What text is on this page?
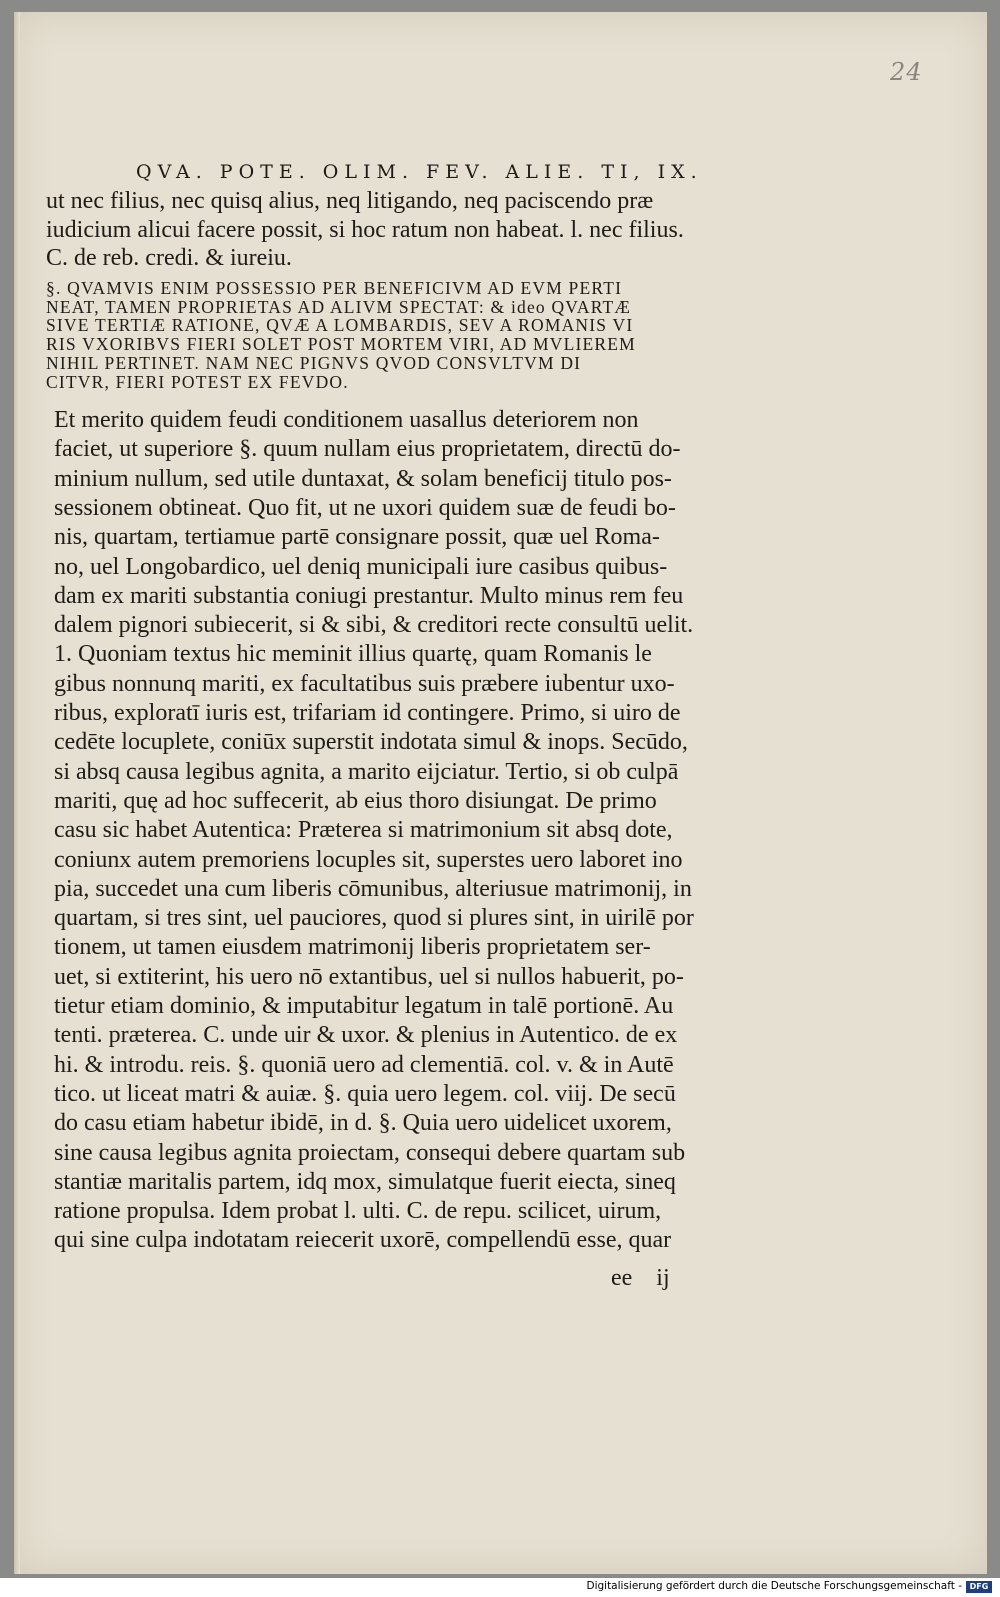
24
QVA. POTE. OLIM. FEV. ALIE. TI, IX.
ut nec filius, nec quisq alius, neq litigando, neq paciscendo præ
iudicium alicui facere possit, si hoc ratum non habeat. l. nec filius.
C. de reb. credi. & iureiu.
§. QVAMVIS ENIM POSSESSIO PER BENEFICIVM AD EVM PERTI
NEAT, TAMEN PROPRIETAS AD ALIVM SPECTAT: & ideo QVARTÆ
SIVE TERTIÆ RATIONE, QVÆ A LOMBARDIS, SEV A ROMANIS VI
RIS VXORIBVS FIERI SOLET POST MORTEM VIRI, AD MVLIEREM
NIHIL PERTINET. NAM NEC PIGNVS QVOD CONSVLTVM DI
CITVR, FIERI POTEST EX FEVDO.
Et merito quidem feudi conditionem uasallus deteriorem non
faciet, ut superiore §. quum nullam eius proprietatem, directū do-
minium nullum, sed utile duntaxat, & solam beneficij titulo pos-
sessionem obtineat. Quo fit, ut ne uxori quidem suæ de feudi bo-
nis, quartam, tertiamue partē consignare possit, quæ uel Roma-
no, uel Longobardico, uel deniq municipali iure casibus quibus-
dam ex mariti substantia coniugi prestantur. Multo minus rem feu
dalem pignori subiecerit, si & sibi, & creditori recte consultū uelit.
1. Quoniam textus hic meminit illius quartę, quam Romanis le
gibus nonnunq mariti, ex facultatibus suis præbere iubentur uxo-
ribus, exploratī iuris est, trifariam id contingere. Primo, si uiro de
cedēte locuplete, coniūx superstit indotata simul & inops. Secūdo,
si absq causa legibus agnita, a marito eijciatur. Tertio, si ob culpā
mariti, quę ad hoc suffecerit, ab eius thoro disiungat. De primo
casu sic habet Autentica: Præterea si matrimonium sit absq dote,
coniunx autem premoriens locuples sit, superstes uero laboret ino
pia, succedet una cum liberis cōmunibus, alteriusue matrimonij, in
quartam, si tres sint, uel pauciores, quod si plures sint, in uirilē por
tionem, ut tamen eiusdem matrimonij liberis proprietatem ser-
uet, si extiterint, his uero nō extantibus, uel si nullos habuerit, po-
tietur etiam dominio, & imputabitur legatum in talē portionē. Au
tenti. præterea. C. unde uir & uxor. & plenius in Autentico. de ex
hi. & introdu. reis. §. quoniā uero ad clementiā. col. v. & in Autē
tico. ut liceat matri & auiæ. §. quia uero legem. col. viij. De secū
do casu etiam habetur ibidē, in d. §. Quia uero uidelicet uxorem,
sine causa legibus agnita proiectam, consequi debere quartam sub
stantiæ maritalis partem, idq mox, simulatque fuerit eiecta, sineq
ratione propulsa. Idem probat l. ulti. C. de repu. scilicet, uirum,
qui sine culpa indotatam reiecerit uxorē, compellendū esse, quar
ee ij
Digitalisierung gefördert durch die Deutsche Forschungsgemeinschaft - DFG
